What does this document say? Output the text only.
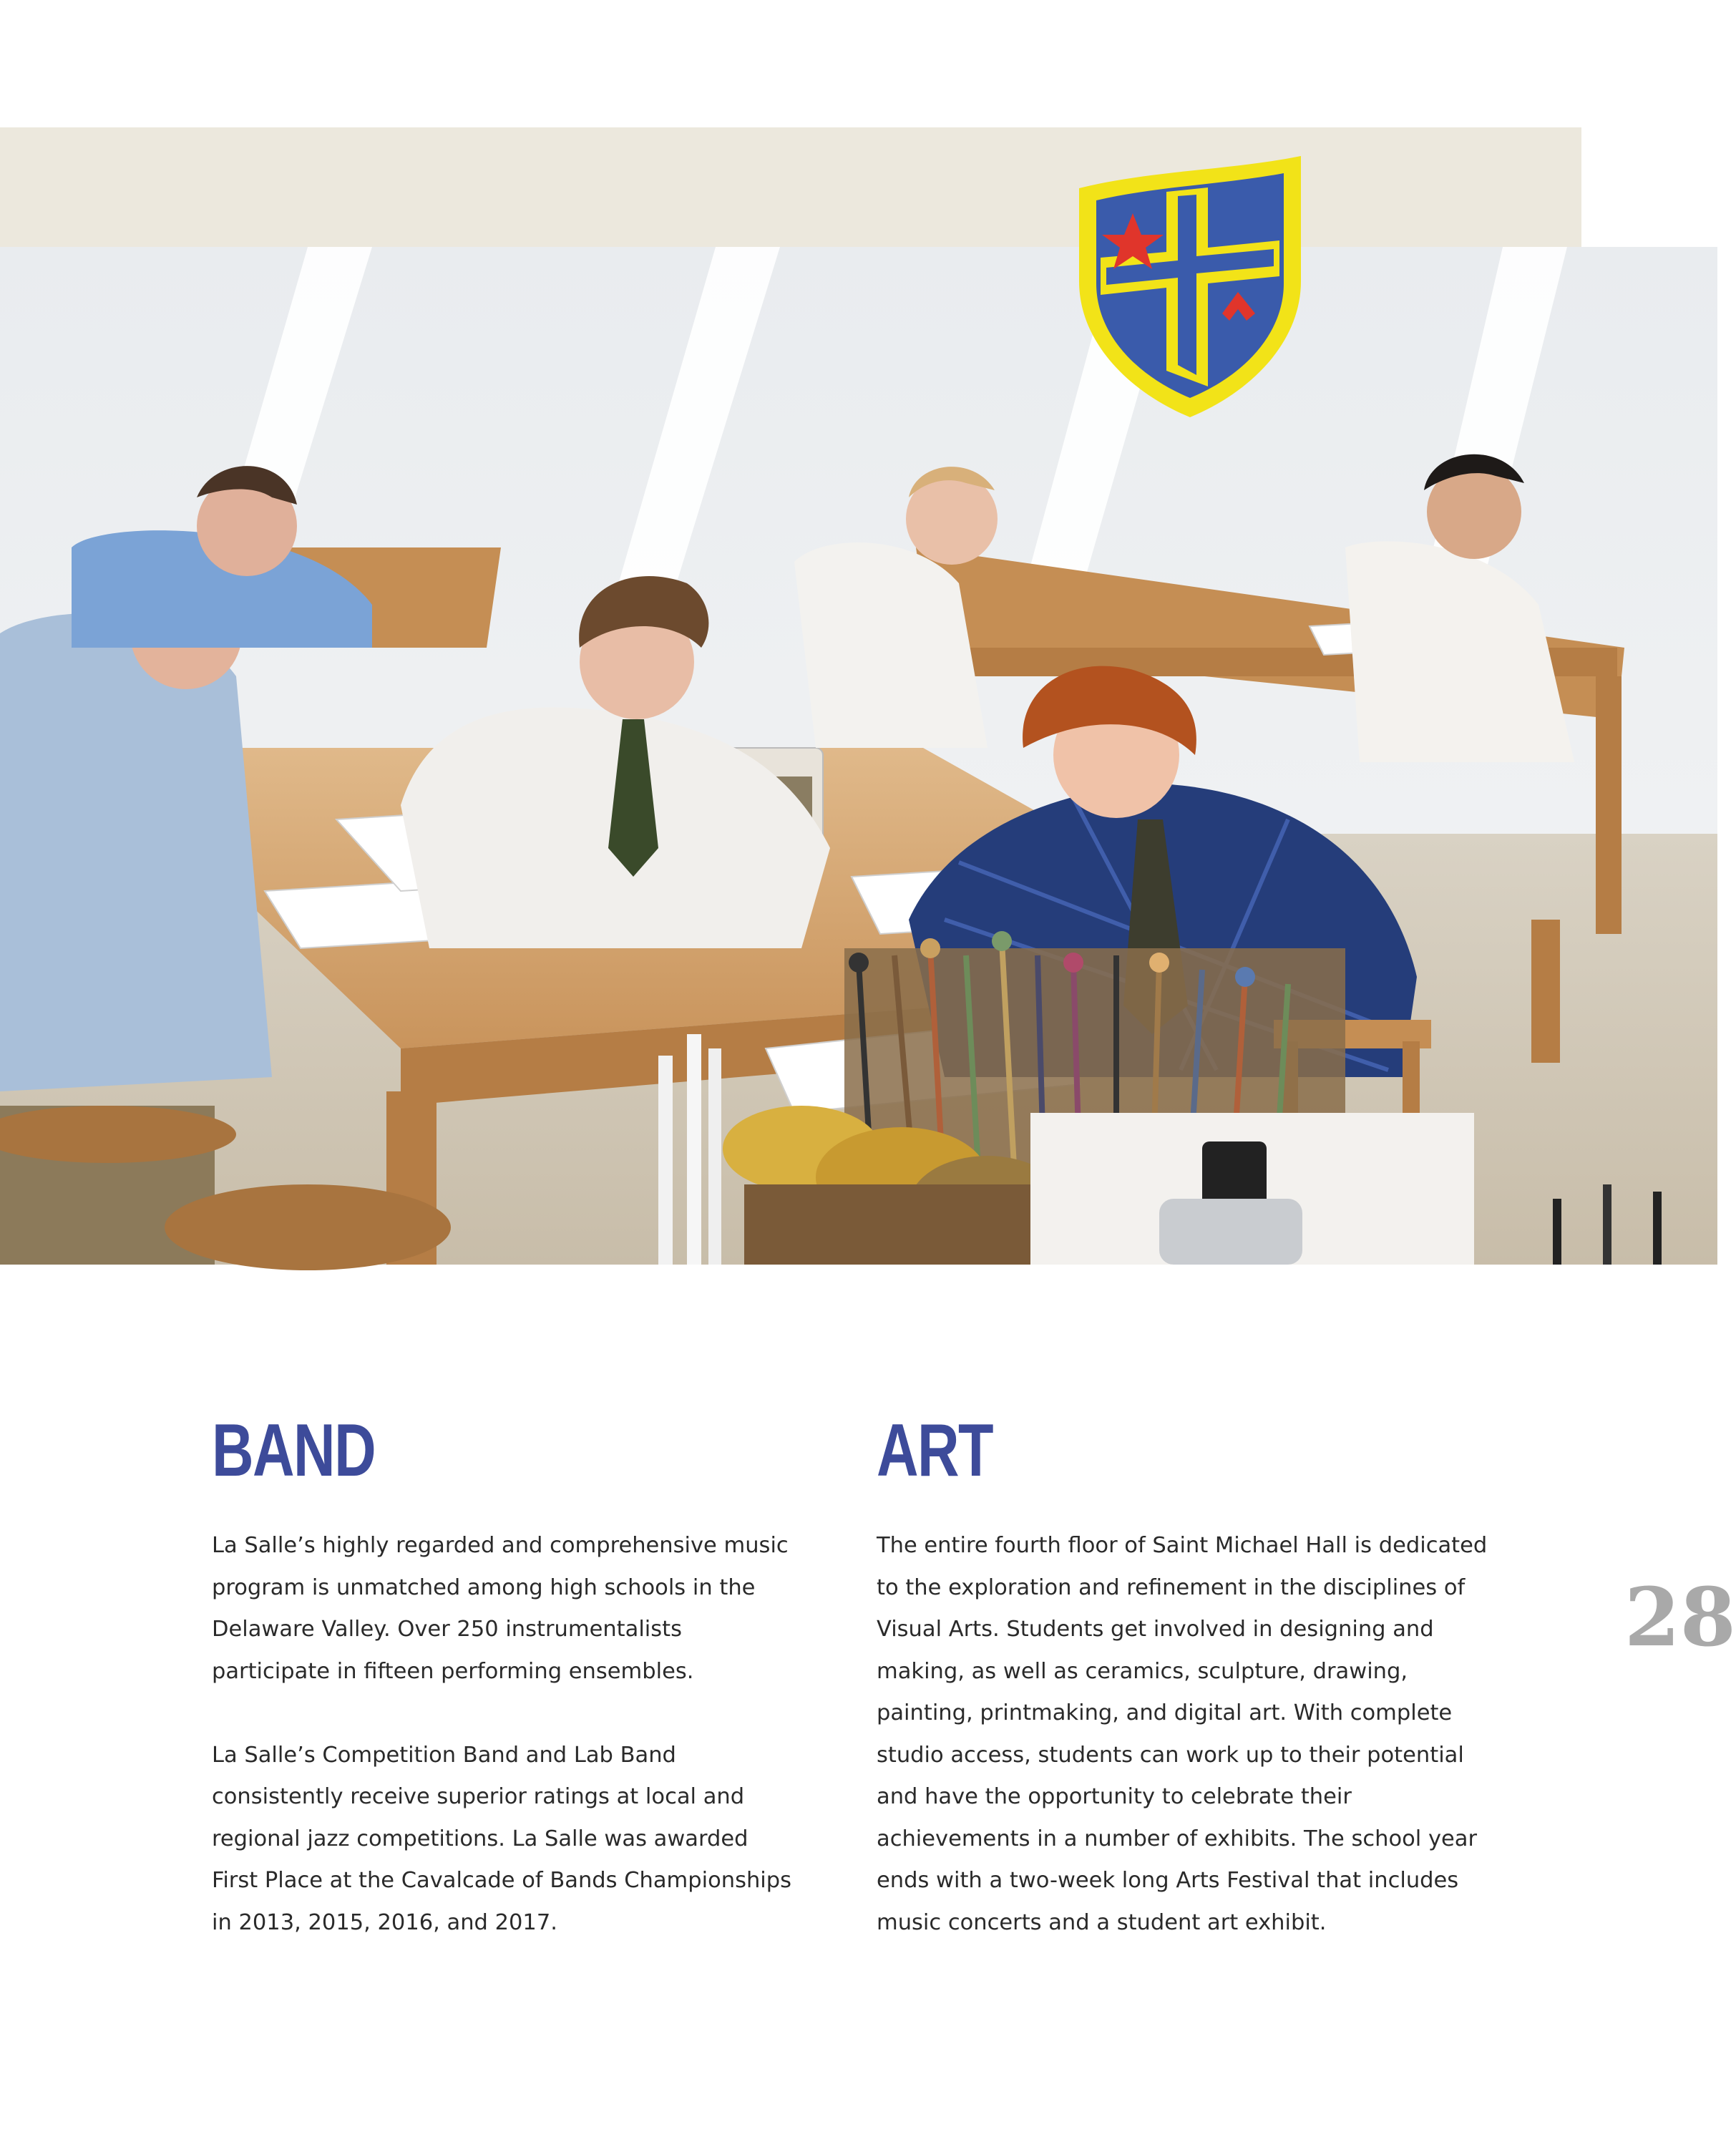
BAND

La Salle’s highly regarded and comprehensive music program is unmatched among high schools in the Delaware Valley. Over 250 instrumentalists participate in fifteen performing ensembles.

La Salle’s Competition Band and Lab Band consistently receive superior ratings at local and regional jazz competitions. La Salle was awarded First Place at the Cavalcade of Bands Championships in 2013, 2015, 2016, and 2017.

ART

The entire fourth floor of Saint Michael Hall is dedicated to the exploration and refinement in the disciplines of Visual Arts. Students get involved in designing and making, as well as ceramics, sculpture, drawing, painting, printmaking, and digital art. With complete studio access, students can work up to their potential and have the opportunity to celebrate their achievements in a number of exhibits. The school year ends with a two-week long Arts Festival that includes music concerts and a student art exhibit.

28
